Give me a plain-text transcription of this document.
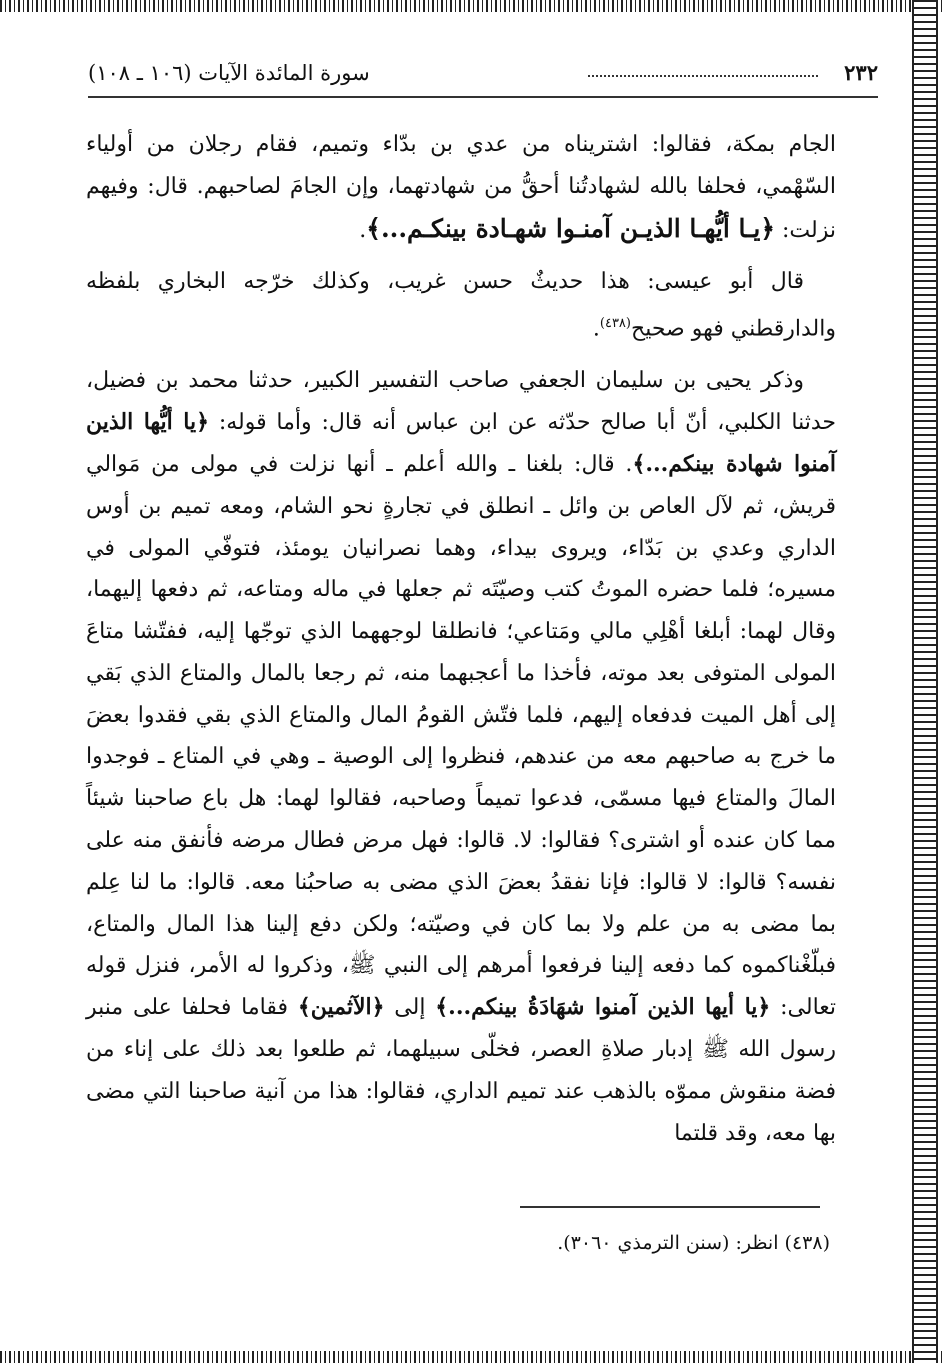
٢٣٢
سورة المائدة الآيات (١٠٦ ـ ١٠٨)

الجام بمكة، فقالوا: اشتريناه من عدي بن بدّاء وتميم، فقام رجلان من أولياء السّهْمي، فحلفا بالله لشهادتُنا أحقُّ من شهادتهما، وإن الجامَ لصاحبهم. قال: وفيهم نزلت: ﴿يـا أيُّهـا الذيـن آمنـوا شهـادة بينكـم...﴾.

قال أبو عيسى: هذا حديثٌ حسن غريب، وكذلك خرّجه البخاري بلفظه والدارقطني فهو صحيح$^{(٤٣٨)}$.

وذكر يحيى بن سليمان الجعفي صاحب التفسير الكبير، حدثنا محمد بن فضيل، حدثنا الكلبي، أنّ أبا صالح حدّثه عن ابن عباس أنه قال: وأما قوله: ﴿يا أيُّها الذين آمنوا شهادة بينكم...﴾. قال: بلغنا ـ والله أعلم ـ أنها نزلت في مولى من مَوالي قريش، ثم لآل العاص بن وائل ـ انطلق في تجارةٍ نحو الشام، ومعه تميم بن أوس الداري وعدي بن بَدّاء، ويروى بيداء، وهما نصرانيان يومئذ، فتوفّي المولى في مسيره؛ فلما حضره الموتُ كتب وصيّتَه ثم جعلها في ماله ومتاعه، ثم دفعها إليهما، وقال لهما: أبلغا أهْلِي مالي ومَتاعي؛ فانطلقا لوجههما الذي توجّها إليه، ففتّشا متاعَ المولى المتوفى بعد موته، فأخذا ما أعجبهما منه، ثم رجعا بالمال والمتاع الذي بَقي إلى أهل الميت فدفعاه إليهم، فلما فتّش القومُ المال والمتاع الذي بقي فقدوا بعضَ ما خرج به صاحبهم معه من عندهم، فنظروا إلى الوصية ـ وهي في المتاع ـ فوجدوا المالَ والمتاع فيها مسمّى، فدعوا تميماً وصاحبه، فقالوا لهما: هل باع صاحبنا شيئاً مما كان عنده أو اشترى؟ فقالوا: لا. قالوا: فهل مرض فطال مرضه فأنفق منه على نفسه؟ قالوا: لا قالوا: فإنا نفقدُ بعضَ الذي مضى به صاحبُنا معه. قالوا: ما لنا عِلم بما مضى به من علم ولا بما كان في وصيّته؛ ولكن دفع إلينا هذا المال والمتاع، فبلّغْناكموه كما دفعه إلينا فرفعوا أمرهم إلى النبي ﷺ، وذكروا له الأمر، فنزل قوله تعالى: ﴿يا أيها الذين آمنوا شهَادَةُ بينكم...﴾ إلى ﴿الآثمين﴾ فقاما فحلفا على منبر رسول الله ﷺ إدبار صلاةِ العصر، فخلّى سبيلهما، ثم طلعوا بعد ذلك على إناء من فضة منقوش مموّه بالذهب عند تميم الداري، فقالوا: هذا من آنية صاحبنا التي مضى بها معه، وقد قلتما

(٤٣٨) انظر: (سنن الترمذي ٣٠٦٠).
